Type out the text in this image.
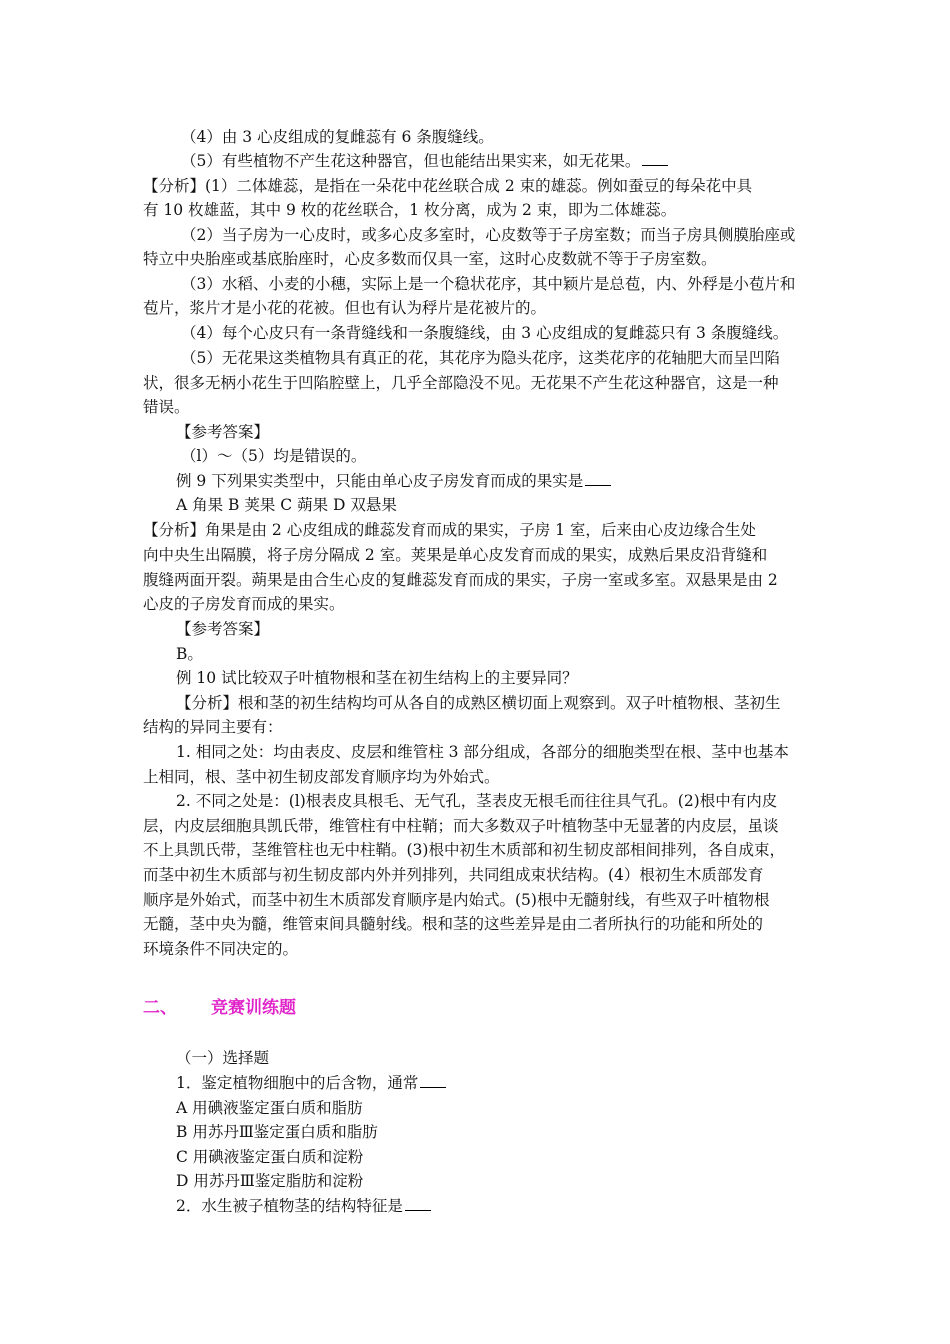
（4）由 3 心皮组成的复雌蕊有 6 条腹缝线。
（5）有些植物不产生花这种器官，但也能结出果实来，如无花果。
【分析】(1）二体雄蕊，是指在一朵花中花丝联合成 2 束的雄蕊。例如蚕豆的每朵花中具
有 10 枚雄蓝，其中 9 枚的花丝联合，1 枚分离，成为 2 束，即为二体雄蕊。
（2）当子房为一心皮时，或多心皮多室时，心皮数等于子房室数；而当子房具侧膜胎座或
特立中央胎座或基底胎座时，心皮多数而仅具一室，这时心皮数就不等于子房室数。
（3）水稻、小麦的小穗，实际上是一个稳状花序，其中颖片是总苞，内、外稃是小苞片和
苞片，浆片才是小花的花被。但也有认为稃片是花被片的。
（4）每个心皮只有一条背缝线和一条腹缝线，由 3 心皮组成的复雌蕊只有 3 条腹缝线。
（5）无花果这类植物具有真正的花，其花序为隐头花序，这类花序的花轴肥大而呈凹陷
状，很多无柄小花生于凹陷腔壁上，几乎全部隐没不见。无花果不产生花这种器官，这是一种
错误。
【参考答案】
（l）～（5）均是错误的。
例 9 下列果实类型中，只能由单心皮子房发育而成的果实是
A 角果 B 荚果 C 蒴果 D 双悬果
【分析】角果是由 2 心皮组成的雌蕊发育而成的果实，子房 1 室，后来由心皮边缘合生处
向中央生出隔膜，将子房分隔成 2 室。荚果是单心皮发育而成的果实，成熟后果皮沿背缝和
腹缝两面开裂。蒴果是由合生心皮的复雌蕊发育而成的果实，子房一室或多室。双悬果是由 2
心皮的子房发育而成的果实。
【参考答案】
B。
例 10 试比较双子叶植物根和茎在初生结构上的主要异同？
【分析】根和茎的初生结构均可从各自的成熟区横切面上观察到。双子叶植物根、茎初生
结构的异同主要有：
1. 相同之处：均由表皮、皮层和维管柱 3 部分组成，各部分的细胞类型在根、茎中也基本
上相同，根、茎中初生韧皮部发育顺序均为外始式。
2. 不同之处是：(l)根表皮具根毛、无气孔，茎表皮无根毛而往往具气孔。(2)根中有内皮
层，内皮层细胞具凯氏带，维管柱有中柱鞘；而大多数双子叶植物茎中无显著的内皮层，虽谈
不上具凯氏带，茎维管柱也无中柱鞘。(3)根中初生木质部和初生韧皮部相间排列，各自成束，
而茎中初生木质部与初生韧皮部内外并列排列，共同组成束状结构。(4）根初生木质部发育
顺序是外始式，而茎中初生木质部发育顺序是内始式。(5)根中无髓射线，有些双子叶植物根
无髓，茎中央为髓，维管束间具髓射线。根和茎的这些差异是由二者所执行的功能和所处的
环境条件不同决定的。
二、 竞赛训练题
（一）选择题
1．鉴定植物细胞中的后含物，通常
A 用碘液鉴定蛋白质和脂肪
B 用苏丹Ⅲ鉴定蛋白质和脂肪
C 用碘液鉴定蛋白质和淀粉
D 用苏丹Ⅲ鉴定脂肪和淀粉
2．水生被子植物茎的结构特征是
